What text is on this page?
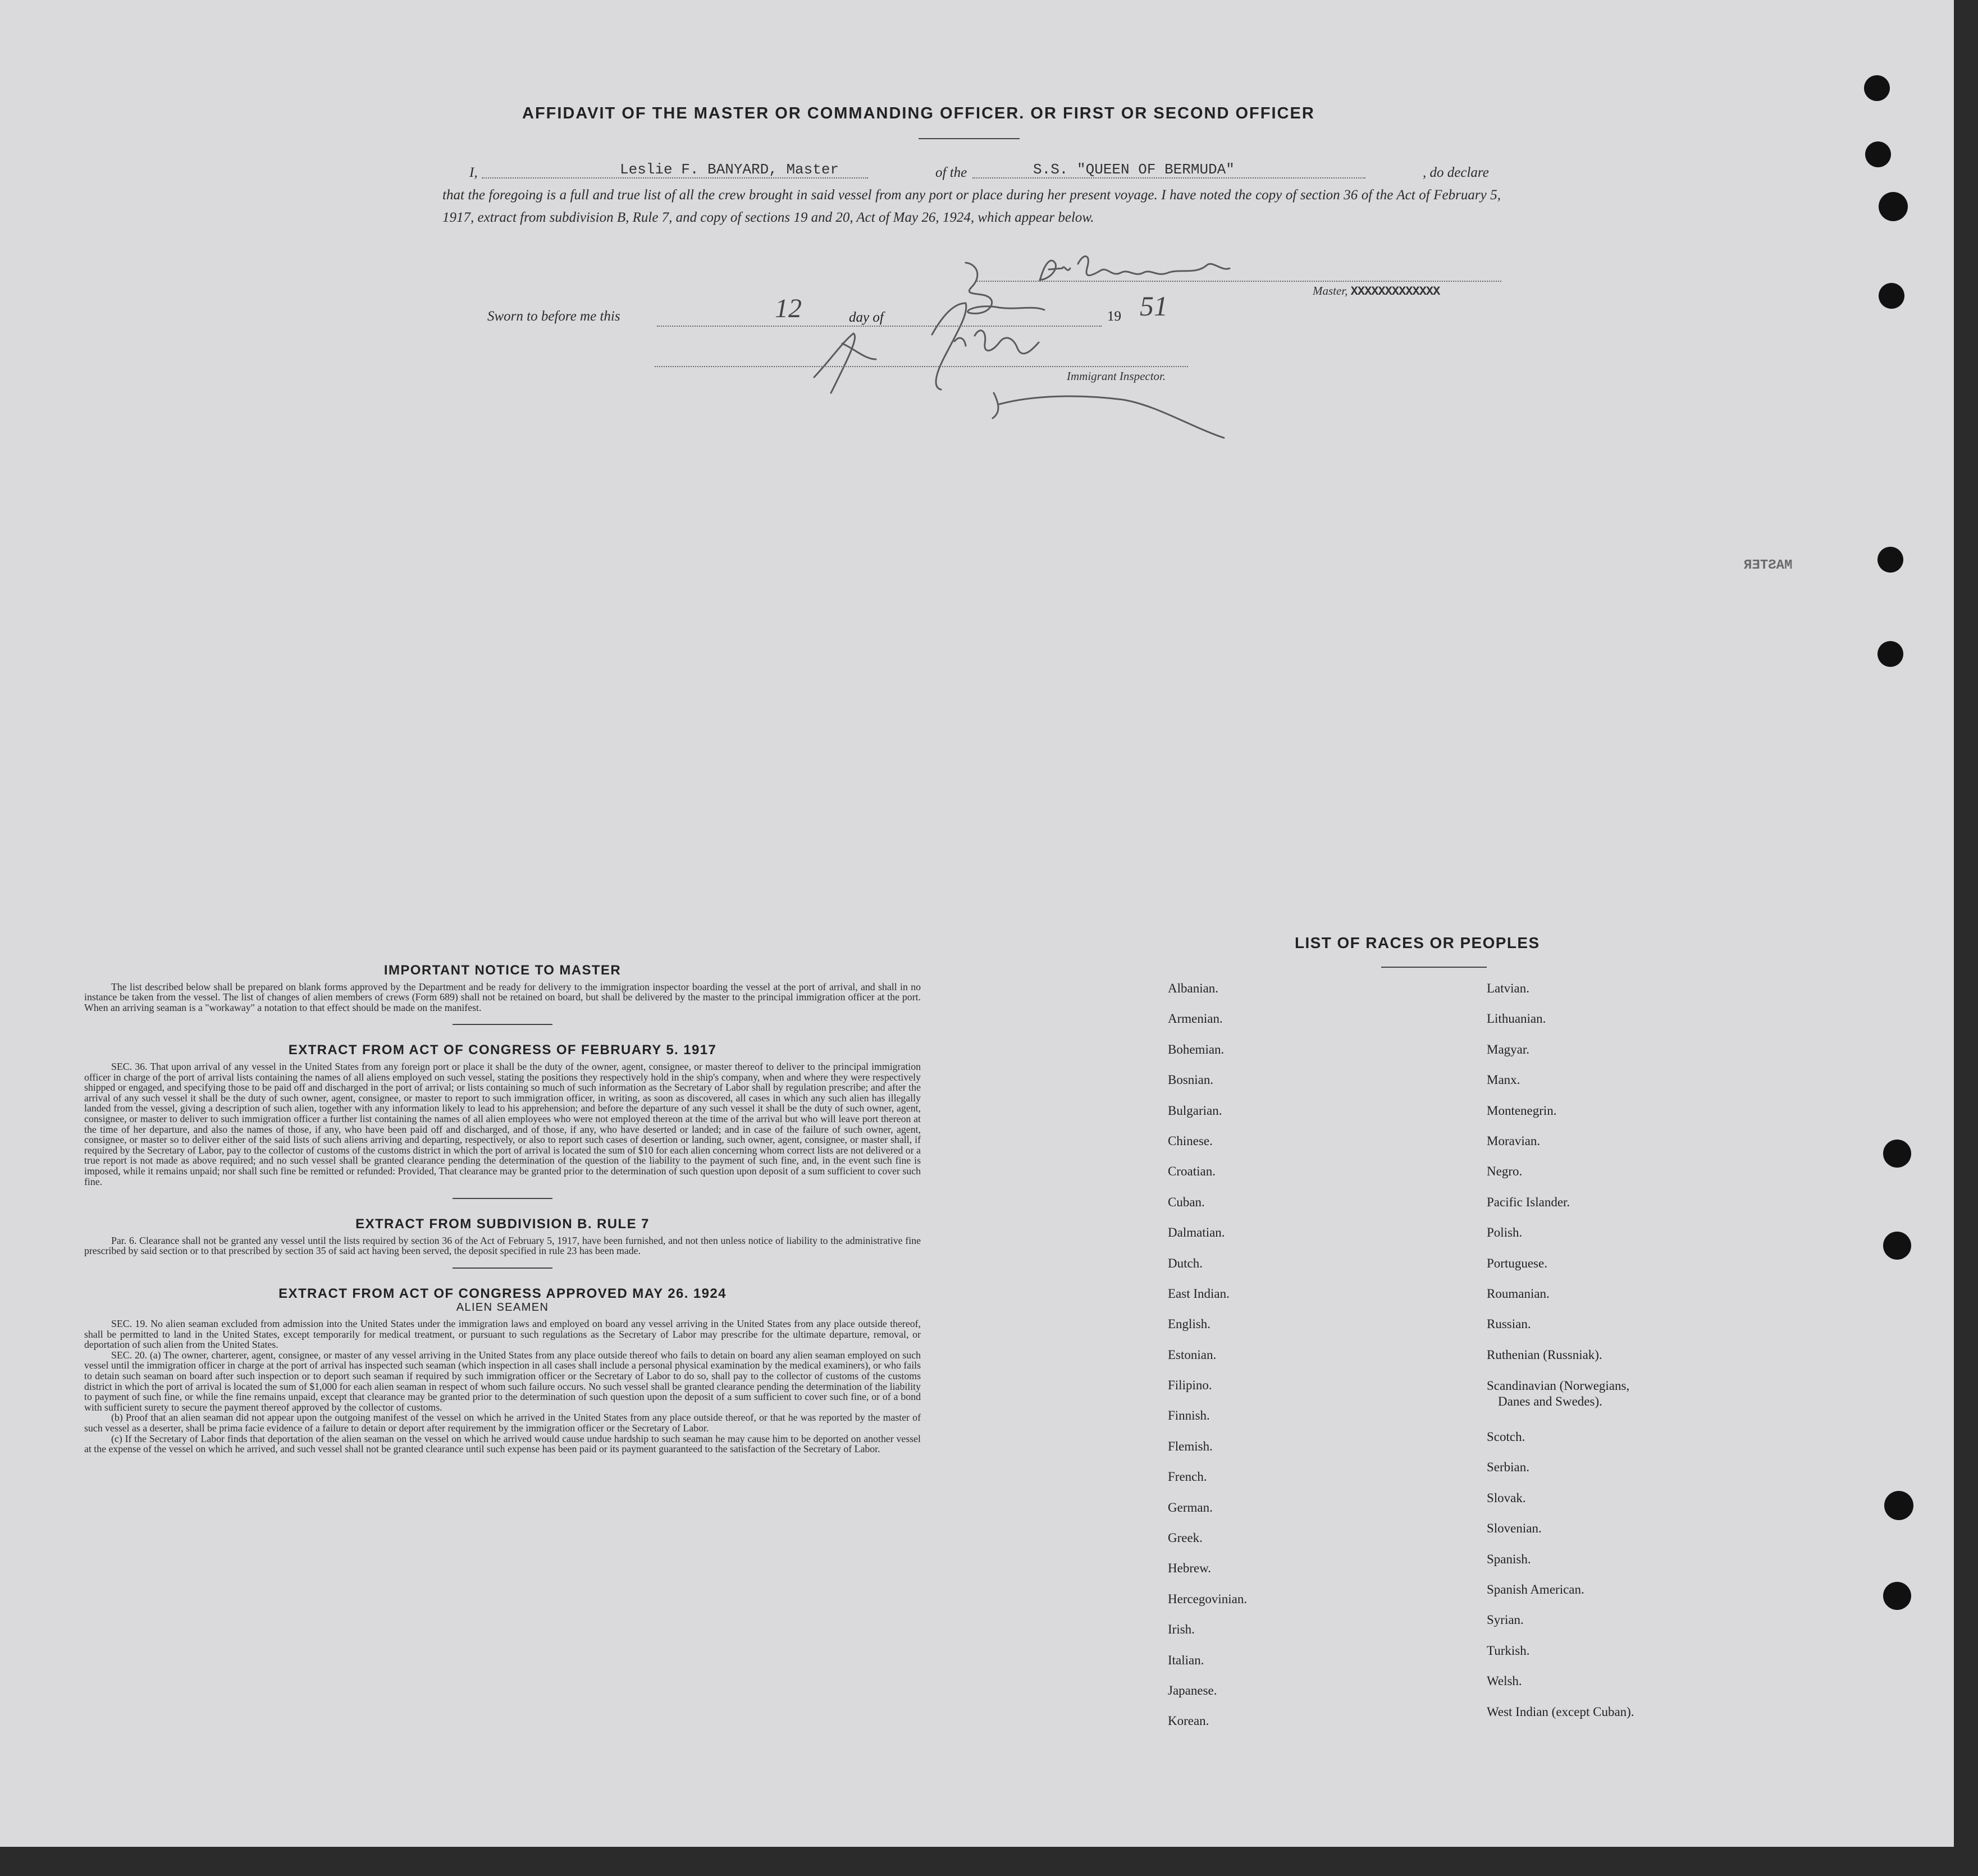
MASTER
AFFIDAVIT OF THE MASTER OR COMMANDING OFFICER. OR FIRST OR SECOND OFFICER
I,	Leslie F. BANYARD, Master	of the	S.S. "QUEEN OF BERMUDA"	, do declare

that the foregoing is a full and true list of all the crew brought in said vessel from any port or place during her present voyage. I have noted the copy of section 36 of the Act of February 5, 1917, extract from subdivision B, Rule 7, and copy of sections 19 and 20, Act of May 26, 1924, which appear below.

Master, XXXXXXXXXXXXX
Sworn to before me this	12	day of	19 51
Immigrant Inspector.
IMPORTANT NOTICE TO MASTER

The list described below shall be prepared on blank forms approved by the Department and be ready for delivery to the immigration inspector boarding the vessel at the port of arrival, and shall in no instance be taken from the vessel. The list of changes of alien members of crews (Form 689) shall not be retained on board, but shall be delivered by the master to the principal immigration officer at the port. When an arriving seaman is a "workaway" a notation to that effect should be made on the manifest.

EXTRACT FROM ACT OF CONGRESS OF FEBRUARY 5. 1917

SEC. 36. That upon arrival of any vessel in the United States from any foreign port or place it shall be the duty of the owner, agent, consignee, or master thereof to deliver to the principal immigration officer in charge of the port of arrival lists containing the names of all aliens employed on such vessel, stating the positions they respectively hold in the ship's company, when and where they were respectively shipped or engaged, and specifying those to be paid off and discharged in the port of arrival; or lists containing so much of such information as the Secretary of Labor shall by regulation prescribe; and after the arrival of any such vessel it shall be the duty of such owner, agent, consignee, or master to report to such immigration officer, in writing, as soon as discovered, all cases in which any such alien has illegally landed from the vessel, giving a description of such alien, together with any information likely to lead to his apprehension; and before the departure of any such vessel it shall be the duty of such owner, agent, consignee, or master to deliver to such immigration officer a further list containing the names of all alien employees who were not employed thereon at the time of the arrival but who will leave port thereon at the time of her departure, and also the names of those, if any, who have been paid off and discharged, and of those, if any, who have deserted or landed; and in case of the failure of such owner, agent, consignee, or master so to deliver either of the said lists of such aliens arriving and departing, respectively, or also to report such cases of desertion or landing, such owner, agent, consignee, or master shall, if required by the Secretary of Labor, pay to the collector of customs of the customs district in which the port of arrival is located the sum of $10 for each alien concerning whom correct lists are not delivered or a true report is not made as above required; and no such vessel shall be granted clearance pending the determination of the question of the liability to the payment of such fine, and, in the event such fine is imposed, while it remains unpaid; nor shall such fine be remitted or refunded: Provided, That clearance may be granted prior to the determination of such question upon deposit of a sum sufficient to cover such fine.

EXTRACT FROM SUBDIVISION B. RULE 7

Par. 6. Clearance shall not be granted any vessel until the lists required by section 36 of the Act of February 5, 1917, have been furnished, and not then unless notice of liability to the administrative fine prescribed by said section or to that prescribed by section 35 of said act having been served, the deposit specified in rule 23 has been made.

EXTRACT FROM ACT OF CONGRESS APPROVED MAY 26. 1924
ALIEN SEAMEN

SEC. 19. No alien seaman excluded from admission into the United States under the immigration laws and employed on board any vessel arriving in the United States from any place outside thereof, shall be permitted to land in the United States, except temporarily for medical treatment, or pursuant to such regulations as the Secretary of Labor may prescribe for the ultimate departure, removal, or deportation of such alien from the United States.

SEC. 20. (a) The owner, charterer, agent, consignee, or master of any vessel arriving in the United States from any place outside thereof who fails to detain on board any alien seaman employed on such vessel until the immigration officer in charge at the port of arrival has inspected such seaman (which inspection in all cases shall include a personal physical examination by the medical examiners), or who fails to detain such seaman on board after such inspection or to deport such seaman if required by such immigration officer or the Secretary of Labor to do so, shall pay to the collector of customs of the customs district in which the port of arrival is located the sum of $1,000 for each alien seaman in respect of whom such failure occurs. No such vessel shall be granted clearance pending the determination of the liability to payment of such fine, or while the fine remains unpaid, except that clearance may be granted prior to the determination of such question upon the deposit of a sum sufficient to cover such fine, or of a bond with sufficient surety to secure the payment thereof approved by the collector of customs.

(b) Proof that an alien seaman did not appear upon the outgoing manifest of the vessel on which he arrived in the United States from any place outside thereof, or that he was reported by the master of such vessel as a deserter, shall be prima facie evidence of a failure to detain or deport after requirement by the immigration officer or the Secretary of Labor.

(c) If the Secretary of Labor finds that deportation of the alien seaman on the vessel on which he arrived would cause undue hardship to such seaman he may cause him to be deported on another vessel at the expense of the vessel on which he arrived, and such vessel shall not be granted clearance until such expense has been paid or its payment guaranteed to the satisfaction of the Secretary of Labor.

LIST OF RACES OR PEOPLES
Albanian.
Armenian.
Bohemian.
Bosnian.
Bulgarian.
Chinese.
Croatian.
Cuban.
Dalmatian.
Dutch.
East Indian.
English.
Estonian.
Filipino.
Finnish.
Flemish.
French.
German.
Greek.
Hebrew.
Hercegovinian.
Irish.
Italian.
Japanese.
Korean.
Latvian.
Lithuanian.
Magyar.
Manx.
Montenegrin.
Moravian.
Negro.
Pacific Islander.
Polish.
Portuguese.
Roumanian.
Russian.
Ruthenian (Russniak).
Scandinavian (Norwegians,
Danes and Swedes).
Scotch.
Serbian.
Slovak.
Slovenian.
Spanish.
Spanish American.
Syrian.
Turkish.
Welsh.
West Indian (except Cuban).
